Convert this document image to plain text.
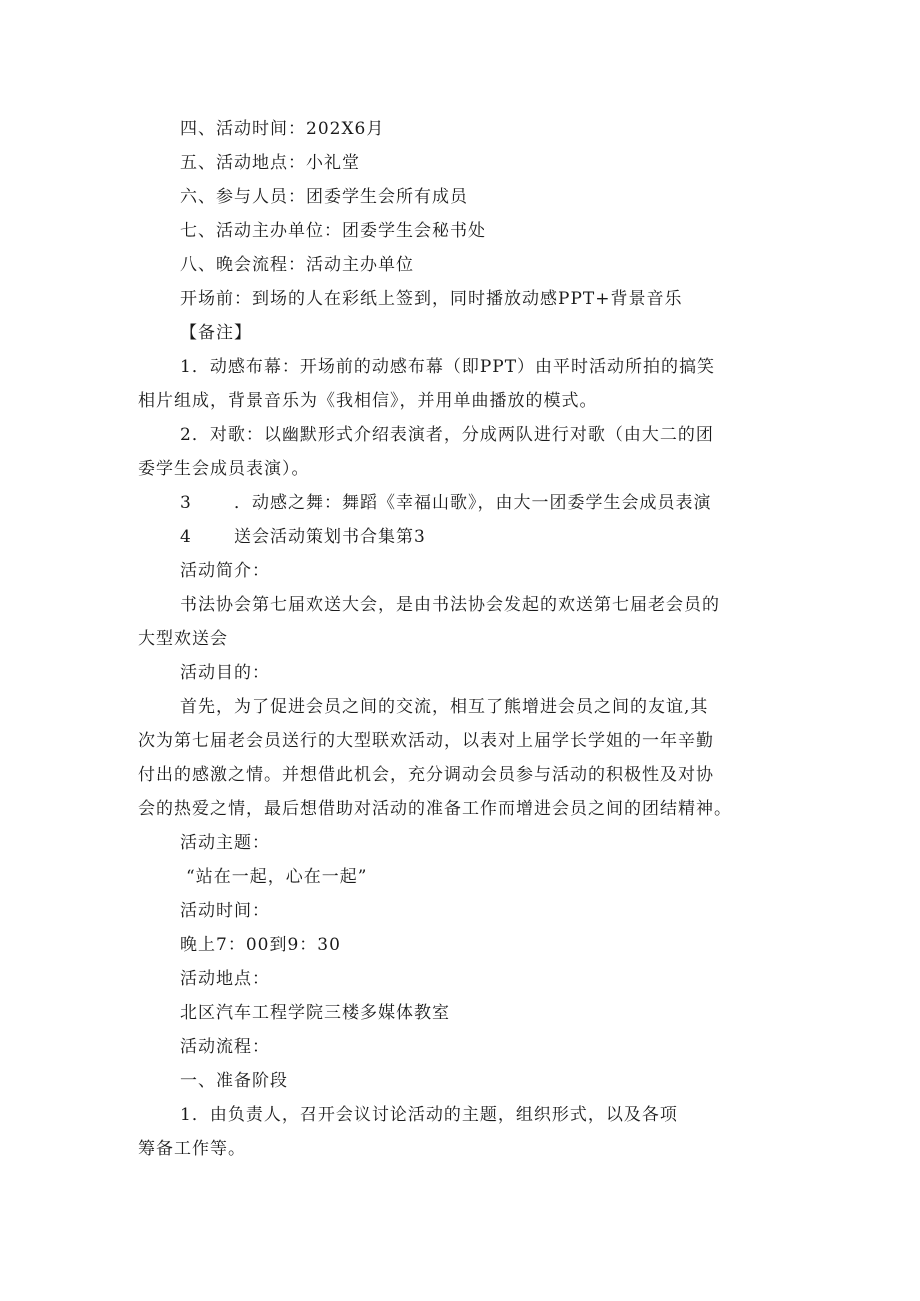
四、活动时间：202X6月
五、活动地点：小礼堂
六、参与人员：团委学生会所有成员
七、活动主办单位：团委学生会秘书处
八、晚会流程：活动主办单位
开场前：到场的人在彩纸上签到，同时播放动感PPT+背景音乐
【备注】
1．动感布幕：开场前的动感布幕（即PPT）由平时活动所拍的搞笑
相片组成，背景音乐为《我相信》，并用单曲播放的模式。
2．对歌：以幽默形式介绍表演者，分成两队进行对歌（由大二的团
委学生会成员表演）。
3 ．动感之舞：舞蹈《幸福山歌》，由大一团委学生会成员表演
4 送会活动策划书合集第3
活动简介：
书法协会第七届欢送大会，是由书法协会发起的欢送第七届老会员的
大型欢送会
活动目的：
首先，为了促进会员之间的交流，相互了熊增进会员之间的友谊,其
次为第七届老会员送行的大型联欢活动，以表对上届学长学姐的一年辛勤
付出的感激之情。并想借此机会，充分调动会员参与活动的积极性及对协
会的热爱之情，最后想借助对活动的准备工作而增进会员之间的团结精神。
活动主题：
“站在一起，心在一起”
活动时间：
晚上7：00到9：30
活动地点：
北区汽车工程学院三楼多媒体教室
活动流程：
一、准备阶段
1．由负责人，召开会议讨论活动的主题，组织形式，以及各项
筹备工作等。
